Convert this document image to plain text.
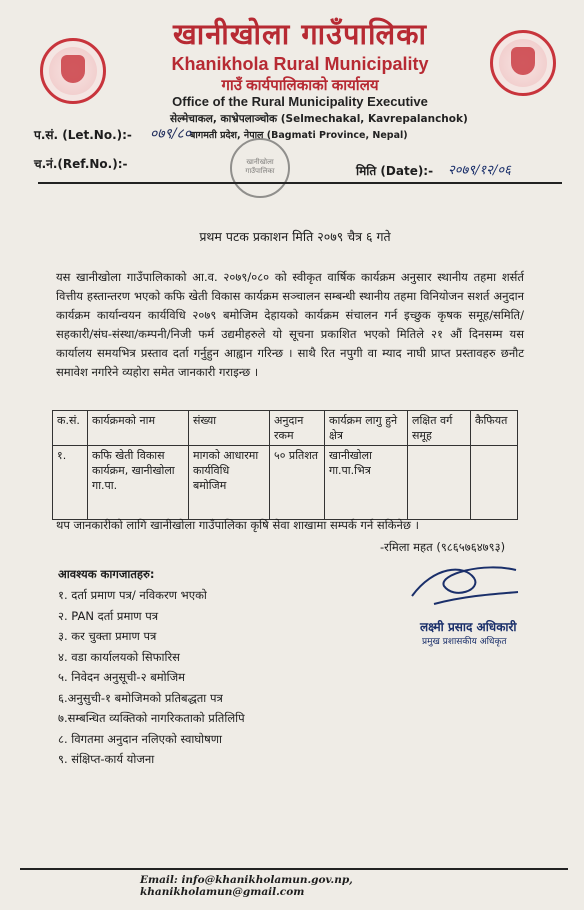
खानीखोला गाउँपालिका
Khanikhola Rural Municipality
गाउँ कार्यपालिकाको कार्यालय
Office of the Rural Municipality Executive
सेल्मेचाकल, काभ्रेपलाञ्चोक (Selmechakal, Kavrepalanchok)
बागमती प्रदेश, नेपाल (Bagmati Province, Nepal)
प.सं. (Let.No.):- ०७९/८०
च.नं.(Ref.No.):-	मिति (Date):- २०७९/१२/०६
खानीखोला गाउँपालिका
प्रथम पटक प्रकाशन मिति २०७९ चैत्र ६ गते
यस खानीखोला गाउँपालिकाको आ.व. २०७९/०८० को स्वीकृत वार्षिक कार्यक्रम अनुसार स्थानीय तहमा शर्सर्त वित्तीय हस्तान्तरण भएको कफि खेती विकास कार्यक्रम सञ्चालन सम्बन्धी स्थानीय तहमा विनियोजन सशर्त अनुदान कार्यक्रम कार्यान्वयन कार्यविधि २०७९ बमोजिम देहायको कार्यक्रम संचालन गर्न इच्छुक कृषक समूह/समिति/सहकारी/संघ-संस्था/कम्पनी/निजी फर्म उद्यमीहरुले यो सूचना प्रकाशित भएको मितिले २१ औं दिनसम्म यस कार्यालय समयभित्र प्रस्ताव दर्ता गर्नुहुन आह्वान गरिन्छ । साथै रित नपुगी वा म्याद नाघी प्राप्त प्रस्तावहरु छनौट समावेश नगरिने व्यहोरा समेत जानकारी गराइन्छ ।
क.सं.	कार्यक्रमको नाम	संख्या	अनुदान रकम	कार्यक्रम लागु हुने क्षेत्र	लक्षित वर्ग समूह	कैफियत
१.	कफि खेती विकास कार्यक्रम, खानीखोला गा.पा.	मागको आधारमा कार्यविधि बमोजिम	५० प्रतिशत	खानीखोला गा.पा.भित्र		
थप जानकारीको लागि खानीखोला गाउँपालिका कृषि सेवा शाखामा सम्पर्क गर्न सकिनेछ ।
-रमिला महत (९८६५७६४७९३)
आवश्यक कागजातहरु:
१. दर्ता प्रमाण पत्र/ नविकरण भएको
२. PAN दर्ता प्रमाण पत्र
३. कर चुक्ता प्रमाण पत्र
४. वडा कार्यालयको सिफारिस
५. निवेदन अनुसूची-२ बमोजिम
६.अनुसुची-१ बमोजिमको प्रतिबद्धता पत्र
७.सम्बन्धित व्यक्तिको नागरिकताको प्रतिलिपि
८. विगतमा अनुदान नलिएको स्वाघोषणा
९. संक्षिप्त-कार्य योजना
लक्ष्मी प्रसाद अधिकारी
प्रमुख प्रशासकीय अधिकृत
Email: info@khanikholamun.gov.np, khanikholamun@gmail.com
